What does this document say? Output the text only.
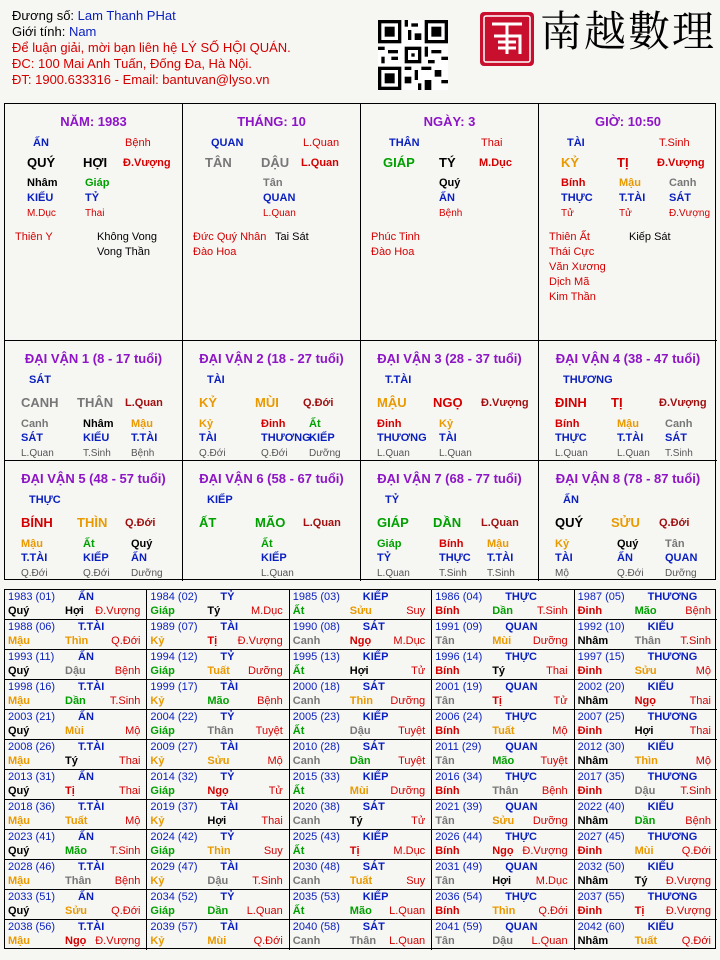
Đương số: Lam Thanh PHat
Giới tính: Nam
Để luận giải, mời bạn liên hệ LÝ SỐ HỘI QUÁN.
ĐC: 100 Mai Anh Tuấn, Đống Đa, Hà Nội.
ĐT: 1900.633316 - Email: bantuvan@lyso.vn
南越數理
NĂM: 1983
ẤN	Bệnh
QUÝ HỢI Đ.Vượng
Nhâm
KIẾU
M.Dục
Giáp
TỶ
Thai
Thiên Y	Không Vong
Vong Thần
THÁNG: 10
QUAN	L.Quan
TÂN DẬU L.Quan
Tân
QUAN
L.Quan
Đức Quý Nhân Tai Sát
Đào Hoa
NGÀY: 3
THÂN	Thai
GIÁP TÝ M.Dục
Quý
ẤN
Bệnh
Phúc Tinh
Đào Hoa
GIỜ: 10:50
TÀI	T.Sinh
KỶ	TỊ	Đ.Vượng
Bính
THỰC
Tử
Mậu
T.TÀI
Tử
Canh
SÁT
Đ.Vượng
Thiên Ất	Kiếp Sát
Thái Cực
Văn Xương
Dịch Mã
Kim Thần
ĐẠI VẬN 1 (8 - 17 tuổi)
SÁT
CANH THÂN L.Quan
Canh
SÁT
L.Quan
Nhâm
KIẾU
T.Sinh
Mậu
T.TÀI
Bệnh
ĐẠI VẬN 2 (18 - 27 tuổi)
TÀI
KỶ	MÙI Q.Đới
Kỷ
TÀI
Q.Đới
Đinh
THƯƠNG
Q.Đới
Ất
KIẾP
Dưỡng
ĐẠI VẬN 3 (28 - 37 tuổi)
T.TÀI
MẬU NGỌ Đ.Vượng
Đinh
THƯƠNG
L.Quan
Kỷ
TÀI
L.Quan
ĐẠI VẬN 4 (38 - 47 tuổi)
THƯƠNG
ĐINH TỊ	Đ.Vượng
Bính
THỰC
L.Quan
Mậu
T.TÀI
L.Quan
Canh
SÁT
T.Sinh
ĐẠI VẬN 5 (48 - 57 tuổi)
THỰC
BÍNH THÌN Q.Đới
Mậu
T.TÀI
Q.Đới
Ất
KIẾP
Q.Đới
Quý
ẤN
Dưỡng
ĐẠI VẬN 6 (58 - 67 tuổi)
KIẾP
ẤT	MÃO L.Quan
Ất
KIẾP
L.Quan
ĐẠI VẬN 7 (68 - 77 tuổi)
TỶ
GIÁP DẦN L.Quan
Giáp
TỶ
L.Quan
Bính
THỰC
T.Sinh
Mậu
T.TÀI
T.Sinh
ĐẠI VẬN 8 (78 - 87 tuổi)
ẤN
QUÝ SỬU Q.Đới
Kỷ
TÀI
Mộ
Quý
ẤN
Q.Đới
Tân
QUAN
Dưỡng
1983 (01) ẤN
Quý	Hợi Đ.Vượng
1984 (02) TỶ
Giáp	Tý	M.Dục
1985 (03) KIẾP
Ất	Sửu	Suy
1986 (04) THỰC
Bính	Dần T.Sinh
1987 (05) THƯƠNG
Đinh	Mão	Bệnh
1988 (06) T.TÀI
Mậu	Thìn Q.Đới
1989 (07) TÀI
Kỷ	Tị Đ.Vượng
1990 (08) SÁT
Canh	Ngọ M.Dục
1991 (09) QUAN
Tân	Mùi Dưỡng
1992 (10) KIẾU
Nhâm Thân T.Sinh
1993 (11) ẤN
Quý	Dậu	Bệnh
1994 (12) TỶ
Giáp	Tuất Dưỡng
1995 (13) KIẾP
Ất	Hợi	Tử
1996 (14) THỰC
Bính	Tý	Thai
1997 (15) THƯƠNG
Đinh	Sửu	Mộ
1998 (16) T.TÀI
Mậu	Dần T.Sinh
1999 (17) TÀI
Kỷ	Mão	Bệnh
2000 (18) SÁT
Canh	Thìn Dưỡng
2001 (19) QUAN
Tân	Tị	Tử
2002 (20) KIẾU
Nhâm Ngọ	Thai
2003 (21) ẤN
Quý	Mùi	Mộ
2004 (22) TỶ
Giáp	Thân Tuyệt
2005 (23) KIẾP
Ất	Dậu	Tuyệt
2006 (24) THỰC
Bính	Tuất	Mộ
2007 (25) THƯƠNG
Đinh	Hợi	Thai
2008 (26) T.TÀI
Mậu	Tý	Thai
2009 (27) TÀI
Kỷ	Sửu	Mộ
2010 (28) SÁT
Canh	Dần	Tuyệt
2011 (29) QUAN
Tân	Mão Tuyệt
2012 (30) KIẾU
Nhâm Thìn	Mộ
2013 (31) ẤN
Quý	Tị	Thai
2014 (32) TỶ
Giáp	Ngọ	Tử
2015 (33) KIẾP
Ất	Mùi Dưỡng
2016 (34) THỰC
Bính	Thân Bệnh
2017 (35) THƯƠNG
Đinh	Dậu T.Sinh
2018 (36) T.TÀI
Mậu	Tuất	Mộ
2019 (37) TÀI
Kỷ	Hợi	Thai
2020 (38) SÁT
Canh	Tý	Tử
2021 (39) QUAN
Tân	Sửu Dưỡng
2022 (40) KIẾU
Nhâm Dần	Bệnh
2023 (41) ẤN
Quý	Mão T.Sinh
2024 (42) TỶ
Giáp	Thìn	Suy
2025 (43) KIẾP
Ất	Tị	M.Dục
2026 (44) THỰC
Bính	Ngọ Đ.Vượng
2027 (45) THƯƠNG
Đinh	Mùi	Q.Đới
2028 (46) T.TÀI
Mậu	Thân Bệnh
2029 (47) TÀI
Kỷ	Dậu T.Sinh
2030 (48) SÁT
Canh	Tuất	Suy
2031 (49) QUAN
Tân	Hợi M.Dục
2032 (50) KIẾU
Nhâm Tý Đ.Vượng
2033 (51) ẤN
Quý	Sửu Q.Đới
2034 (52) TỶ
Giáp	Dần L.Quan
2035 (53) KIẾP
Ất	Mão L.Quan
2036 (54) THỰC
Bính	Thìn Q.Đới
2037 (55) THƯƠNG
Đinh	Tị Đ.Vượng
2038 (56) T.TÀI
Mậu	Ngọ Đ.Vượng
2039 (57) TÀI
Kỷ	Mùi Q.Đới
2040 (58) SÁT
Canh	Thân L.Quan
2041 (59) QUAN
Tân	Dậu L.Quan
2042 (60) KIẾU
Nhâm Tuất Q.Đới
